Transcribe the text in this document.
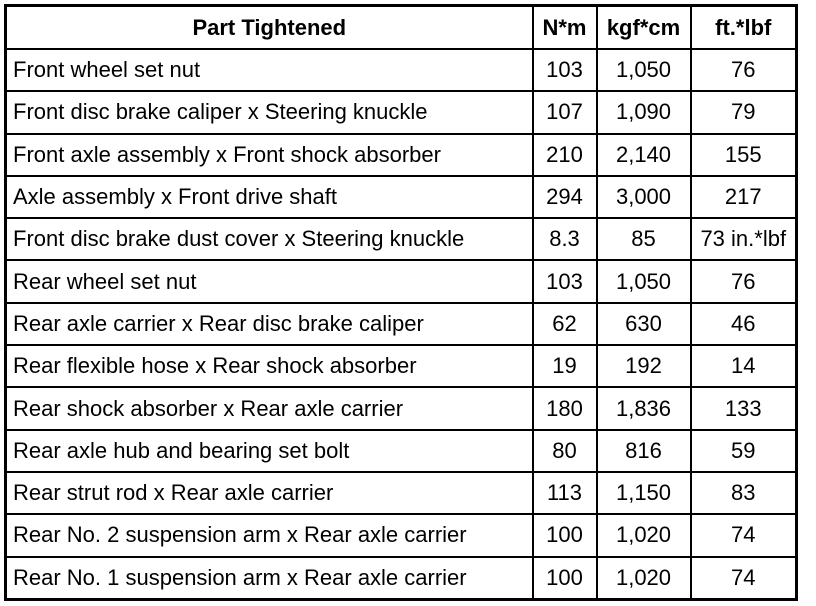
Part Tightened	N*m	kgf*cm	ft.*lbf
Front wheel set nut	103	1,050	76
Front disc brake caliper x Steering knuckle	107	1,090	79
Front axle assembly x Front shock absorber	210	2,140	155
Axle assembly x Front drive shaft	294	3,000	217
Front disc brake dust cover x Steering knuckle	8.3	85	73 in.*lbf
Rear wheel set nut	103	1,050	76
Rear axle carrier x Rear disc brake caliper	62	630	46
Rear flexible hose x Rear shock absorber	19	192	14
Rear shock absorber x Rear axle carrier	180	1,836	133
Rear axle hub and bearing set bolt	80	816	59
Rear strut rod x Rear axle carrier	113	1,150	83
Rear No. 2 suspension arm x Rear axle carrier	100	1,020	74
Rear No. 1 suspension arm x Rear axle carrier	100	1,020	74
